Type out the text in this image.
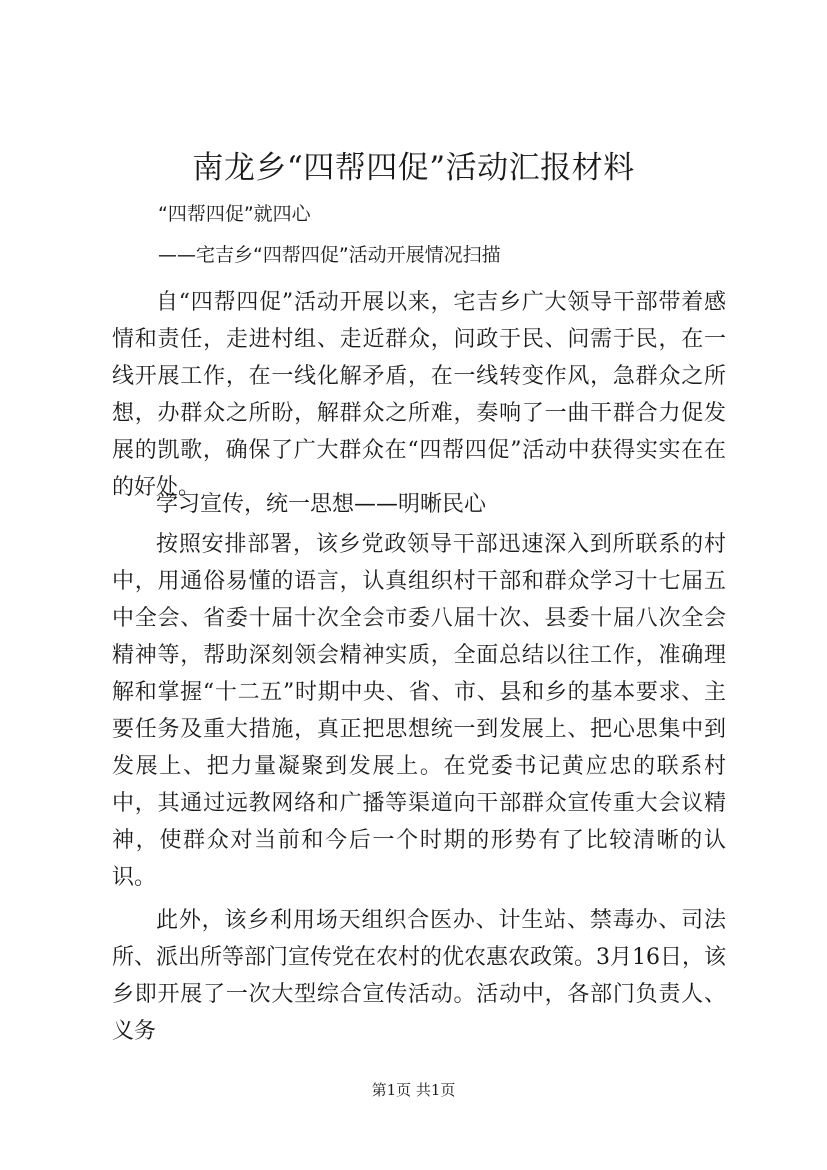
南龙乡“四帮四促”活动汇报材料
“四帮四促”就四心
——宅吉乡“四帮四促”活动开展情况扫描

自“四帮四促”活动开展以来，宅吉乡广大领导干部带着感情和责任，走进村组、走近群众，问政于民、问需于民，在一线开展工作，在一线化解矛盾，在一线转变作风，急群众之所想，办群众之所盼，解群众之所难，奏响了一曲干群合力促发展的凯歌，确保了广大群众在“四帮四促”活动中获得实实在在的好处。

学习宣传，统一思想——明晰民心

按照安排部署，该乡党政领导干部迅速深入到所联系的村中，用通俗易懂的语言，认真组织村干部和群众学习十七届五中全会、省委十届十次全会市委八届十次、县委十届八次全会精神等，帮助深刻领会精神实质，全面总结以往工作，准确理解和掌握“十二五”时期中央、省、市、县和乡的基本要求、主要任务及重大措施，真正把思想统一到发展上、把心思集中到发展上、把力量凝聚到发展上。在党委书记黄应忠的联系村中，其通过远教网络和广播等渠道向干部群众宣传重大会议精神，使群众对当前和今后一个时期的形势有了比较清晰的认识。

此外，该乡利用场天组织合医办、计生站、禁毒办、司法所、派出所等部门宣传党在农村的优农惠农政策。3月16日，该乡即开展了一次大型综合宣传活动。活动中，各部门负责人、义务

第1页 共1页
